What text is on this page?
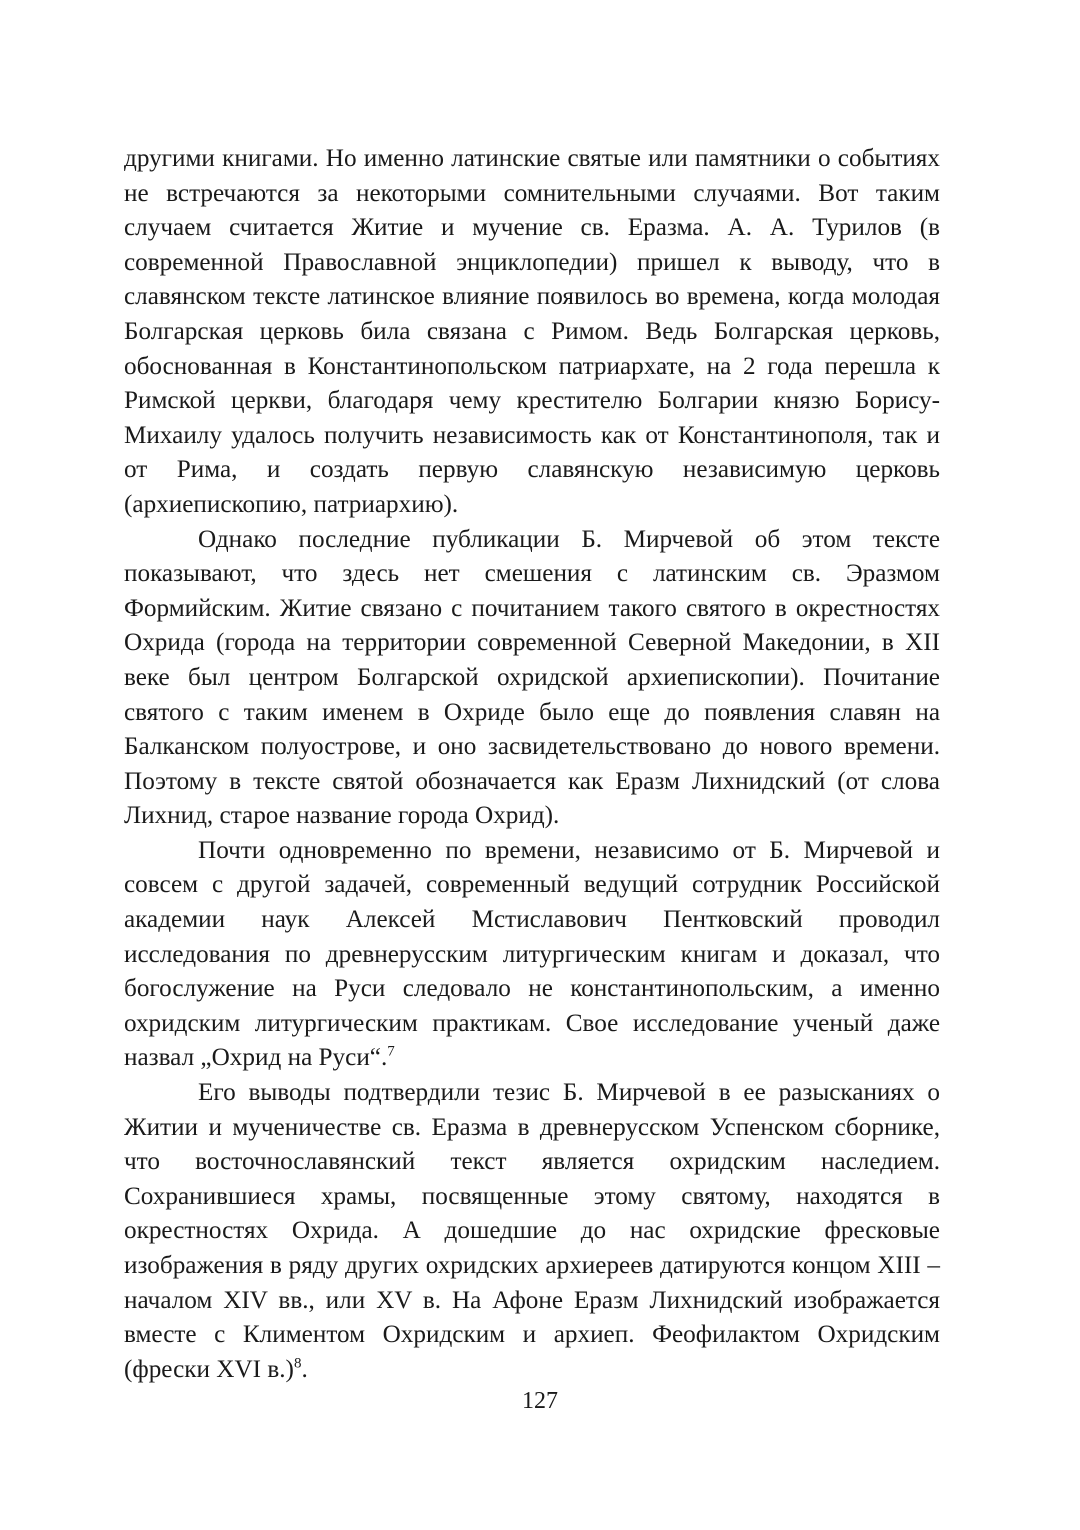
другими книгами. Но именно латинские святые или памятники о событиях не встречаются за некоторыми сомнительными случаями. Вот таким случаем считается Житие и мучение св. Еразма. А. А. Турилов (в современной Православной энциклопедии) пришел к выводу, что в славянском тексте латинское влияние появилось во времена, когда молодая Болгарская церковь била связана с Римом. Ведь Болгарская церковь, обоснованная в Константинопольском патриархате, на 2 года перешла к Римской церкви, благодаря чему крестителю Болгарии князю Борису-Михаилу удалось получить независимость как от Константинополя, так и от Рима, и создать первую славянскую независимую церковь (архиепископию, патриархию).

Однако последние публикации Б. Мирчевой об этом тексте показывают, что здесь нет смешения с латинским св. Эразмом Формийским. Житие связано с почитанием такого святого в окрестностях Охрида (города на территории современной Северной Македонии, в XII веке был центром Болгарской охридской архиепископии). Почитание святого с таким именем в Охриде было еще до появления славян на Балканском полуострове, и оно засвидетельствовано до нового времени. Поэтому в тексте святой обозначается как Еразм Лихнидский (от слова Лихнид, старое название города Охрид).

Почти одновременно по времени, независимо от Б. Мирчевой и совсем с другой задачей, современный ведущий сотрудник Российской академии наук Алексей Мстиславович Пентковский проводил исследования по древнерусским литургическим книгам и доказал, что богослужение на Руси следовало не константинопольским, а именно охридским литургическим практикам. Свое исследование ученый даже назвал „Охрид на Руси“.$^7$

Его выводы подтвердили тезис Б. Мирчевой в ее разысканиях о Житии и мученичестве св. Еразма в древнерусском Успенском сборнике, что восточнославянский текст является охридским наследием. Сохранившиеся храмы, посвященные этому святому, находятся в окрестностях Охрида. А дошедшие до нас охридские фресковые изображения в ряду других охридских архиереев датируются концом XIII – началом XIV вв., или XV в. На Афоне Еразм Лихнидский изображается вместе с Климентом Охридским и архиеп. Феофилактом Охридским (фрески XVI в.)$^8$.

127
